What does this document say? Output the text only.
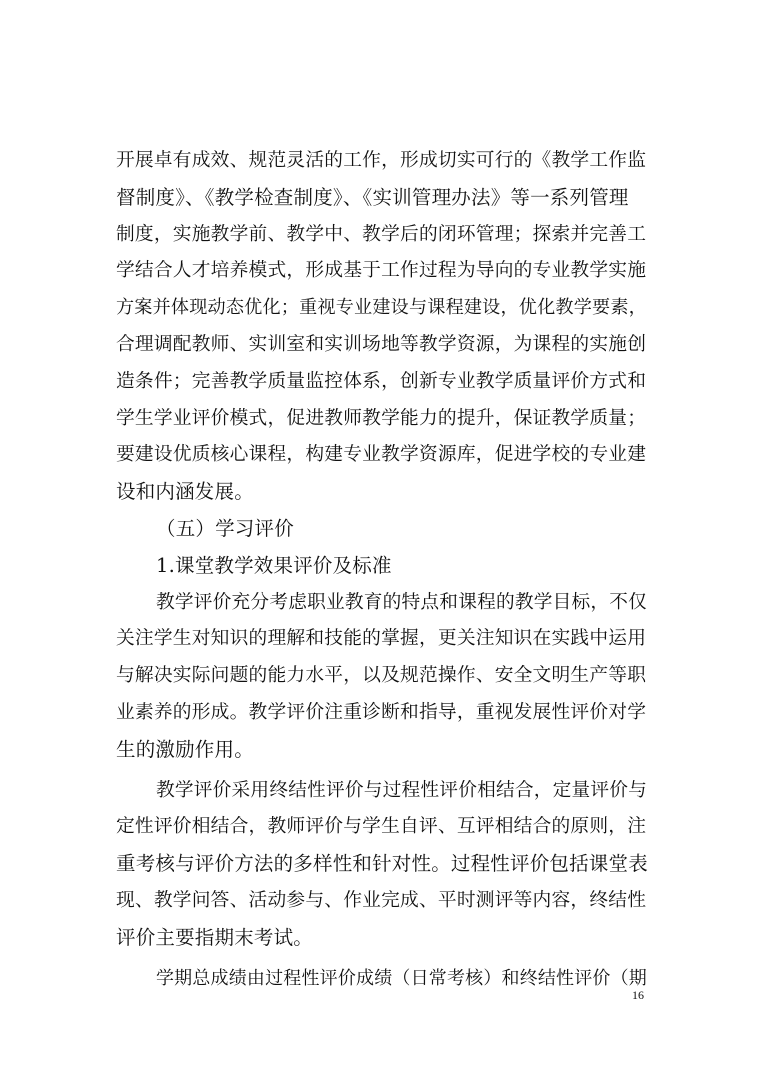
开展卓有成效、规范灵活的工作，形成切实可行的《教学工作监
督制度》、《教学检查制度》、《实训管理办法》等一系列管理
制度，实施教学前、教学中、教学后的闭环管理；探索并完善工
学结合人才培养模式，形成基于工作过程为导向的专业教学实施
方案并体现动态优化；重视专业建设与课程建设，优化教学要素，
合理调配教师、实训室和实训场地等教学资源，为课程的实施创
造条件；完善教学质量监控体系，创新专业教学质量评价方式和
学生学业评价模式，促进教师教学能力的提升，保证教学质量；
要建设优质核心课程，构建专业教学资源库，促进学校的专业建
设和内涵发展。
（五）学习评价
1.课堂教学效果评价及标准
教学评价充分考虑职业教育的特点和课程的教学目标，不仅
关注学生对知识的理解和技能的掌握，更关注知识在实践中运用
与解决实际问题的能力水平，以及规范操作、安全文明生产等职
业素养的形成。教学评价注重诊断和指导，重视发展性评价对学
生的激励作用。
教学评价采用终结性评价与过程性评价相结合，定量评价与
定性评价相结合，教师评价与学生自评、互评相结合的原则，注
重考核与评价方法的多样性和针对性。过程性评价包括课堂表
现、教学问答、活动参与、作业完成、平时测评等内容，终结性
评价主要指期末考试。
学期总成绩由过程性评价成绩（日常考核）和终结性评价（期
16
